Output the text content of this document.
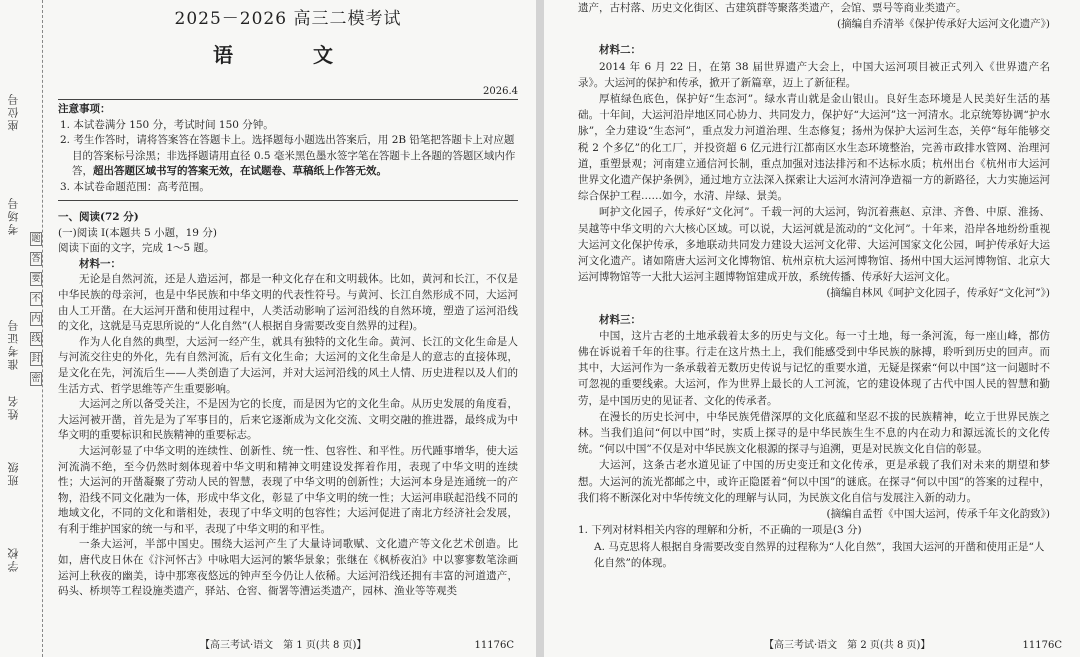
座位号
考场号
准考证号
姓名
班级
学校
题
答
要
不
内
线
封
密
2025－2026 高三二模考试
语　文
2026.4
注意事项：

1. 本试卷满分 150 分，考试时间 150 分钟。

2. 考生作答时，请将答案答在答题卡上。选择题每小题选出答案后，用 2B 铅笔把答题卡上对应题目的答案标号涂黑；非选择题请用直径 0.5 毫米黑色墨水签字笔在答题卡上各题的答题区域内作答，超出答题区域书写的答案无效，在试题卷、草稿纸上作答无效。

3. 本试卷命题范围：高考范围。

一、阅读(72 分)

(一)阅读 Ⅰ(本题共 5 小题，19 分)

阅读下面的文字，完成 1～5 题。

材料一：

无论是自然河流，还是人造运河，都是一种文化存在和文明载体。比如，黄河和长江，不仅是中华民族的母亲河，也是中华民族和中华文明的代表性符号。与黄河、长江自然形成不同，大运河由人工开凿。在大运河开凿和使用过程中，人类活动影响了运河沿线的自然环境，塑造了运河沿线的文化，这就是马克思所说的“人化自然”(人根据自身需要改变自然界的过程)。

作为人化自然的典型，大运河一经产生，就具有独特的文化生命。黄河、长江的文化生命是人与河流交往史的外化，先有自然河流，后有文化生命；大运河的文化生命是人的意志的直接体现，是文化在先，河流后生——人类创造了大运河，并对大运河沿线的风土人情、历史进程以及人们的生活方式、哲学思维等产生重要影响。

大运河之所以备受关注，不是因为它的长度，而是因为它的文化生命。从历史发展的角度看，大运河被开凿，首先是为了军事目的，后来它逐渐成为文化交流、文明交融的推进器，最终成为中华文明的重要标识和民族精神的重要标志。

大运河彰显了中华文明的连续性、创新性、统一性、包容性、和平性。历代踵事增华，使大运河流淌不绝，至今仍然时刻体现着中华文明和精神文明建设发挥着作用，表现了中华文明的连续性；大运河的开凿凝聚了劳动人民的智慧，表现了中华文明的创新性；大运河本身是连通统一的产物，沿线不同文化融为一体，形成中华文化，彰显了中华文明的统一性；大运河串联起沿线不同的地域文化，不同的文化和谐相处，表现了中华文明的包容性；大运河促进了南北方经济社会发展，有利于维护国家的统一与和平，表现了中华文明的和平性。

一条大运河，半部中国史。围绕大运河产生了大量诗词歌赋、文化遗产等文化艺术创造。比如，唐代皮日休在《汴河怀古》中咏唱大运河的繁华景象；张继在《枫桥夜泊》中以寥寥数笔涂画运河上秋夜的幽美，诗中那寒夜悠远的钟声至今仍让人依稀。大运河沿线还拥有丰富的河道遗产，码头、桥坝等工程设施类遗产，驿站、仓窖、衙署等漕运类遗产，园林、渔业等等观类

【高三考试·语文　第 1 页(共 8 页)】	11176C

遗产，古村落、历史文化街区、古建筑群等聚落类遗产，会馆、票号等商业类遗产。

(摘编自乔清举《保护传承好大运河文化遗产》)

材料二：

2014 年 6 月 22 日，在第 38 届世界遗产大会上，中国大运河项目被正式列入《世界遗产名录》。大运河的保护和传承，掀开了新篇章，迈上了新征程。

厚植绿色底色，保护好“生态河”。绿水青山就是金山银山。良好生态环境是人民美好生活的基础。十年间，大运河沿岸地区同心协力、共同发力，保护好“大运河”这一河清水。北京统筹协调“护水脉”，全力建设“生态河”，重点发力河道治理、生态修复；扬州为保护大运河生态，关停“每年能够交税 2 个多亿”的化工厂，并投资超 6 亿元进行江都南区水生态环境整治，完善市政排水管网、治理河道，重塑景观；河南建立通信河长制，重点加强对违法排污和不达标水质；杭州出台《杭州市大运河世界文化遗产保护条例》，通过地方立法深入探索让大运河水清河净造福一方的新路径，大力实施运河综合保护工程……如今，水清、岸绿、景美。

呵护文化园子，传承好“文化河”。千载一河的大运河，钩沉着燕赵、京津、齐鲁、中原、淮扬、吴越等中华文明的六大核心区域。可以说，大运河就是流动的“文化河”。十年来，沿岸各地纷纷重视大运河文化保护传承，多地联动共同发力建设大运河文化带、大运河国家文化公园，呵护传承好大运河文化遗产。诸如隋唐大运河文化博物馆、杭州京杭大运河博物馆、扬州中国大运河博物馆、北京大运河博物馆等一大批大运河主题博物馆建成开放，系统传播、传承好大运河文化。

(摘编自林风《呵护文化园子，传承好“文化河”》)

材料三：

中国，这片古老的土地承载着太多的历史与文化。每一寸土地，每一条河流，每一座山峰，都仿佛在诉说着千年的往事。行走在这片热土上，我们能感受到中华民族的脉搏，聆听到历史的回声。而其中，大运河作为一条承载着无数历史传说与记忆的重要水道，无疑是探索“何以中国”这一问题时不可忽视的重要线索。大运河，作为世界上最长的人工河流，它的建设体现了古代中国人民的智慧和勤劳，是中国历史的见证者、文化的传承者。

在漫长的历史长河中，中华民族凭借深厚的文化底蕴和坚忍不拔的民族精神，屹立于世界民族之林。当我们追问“何以中国”时，实质上探寻的是中华民族生生不息的内在动力和源远流长的文化传统。“何以中国”不仅是对中华民族文化根源的探寻与追溯，更是对民族文化自信的彰显。

大运河，这条古老水道见证了中国的历史变迁和文化传承，更是承载了我们对未来的期望和梦想。大运河的流光都邮之中，或许正隐匿着“何以中国”的谜底。在探寻“何以中国”的答案的过程中，我们将不断深化对中华传统文化的理解与认同，为民族文化自信与发展注入新的动力。

(摘编自孟哲《中国大运河，传承千年文化韵致》)

1. 下列对材料相关内容的理解和分析，不正确的一项是(3 分)

A. 马克思将人根据自身需要改变自然界的过程称为“人化自然”，我国大运河的开凿和使用正是“人化自然”的体现。

【高三考试·语文　第 2 页(共 8 页)】	11176C
